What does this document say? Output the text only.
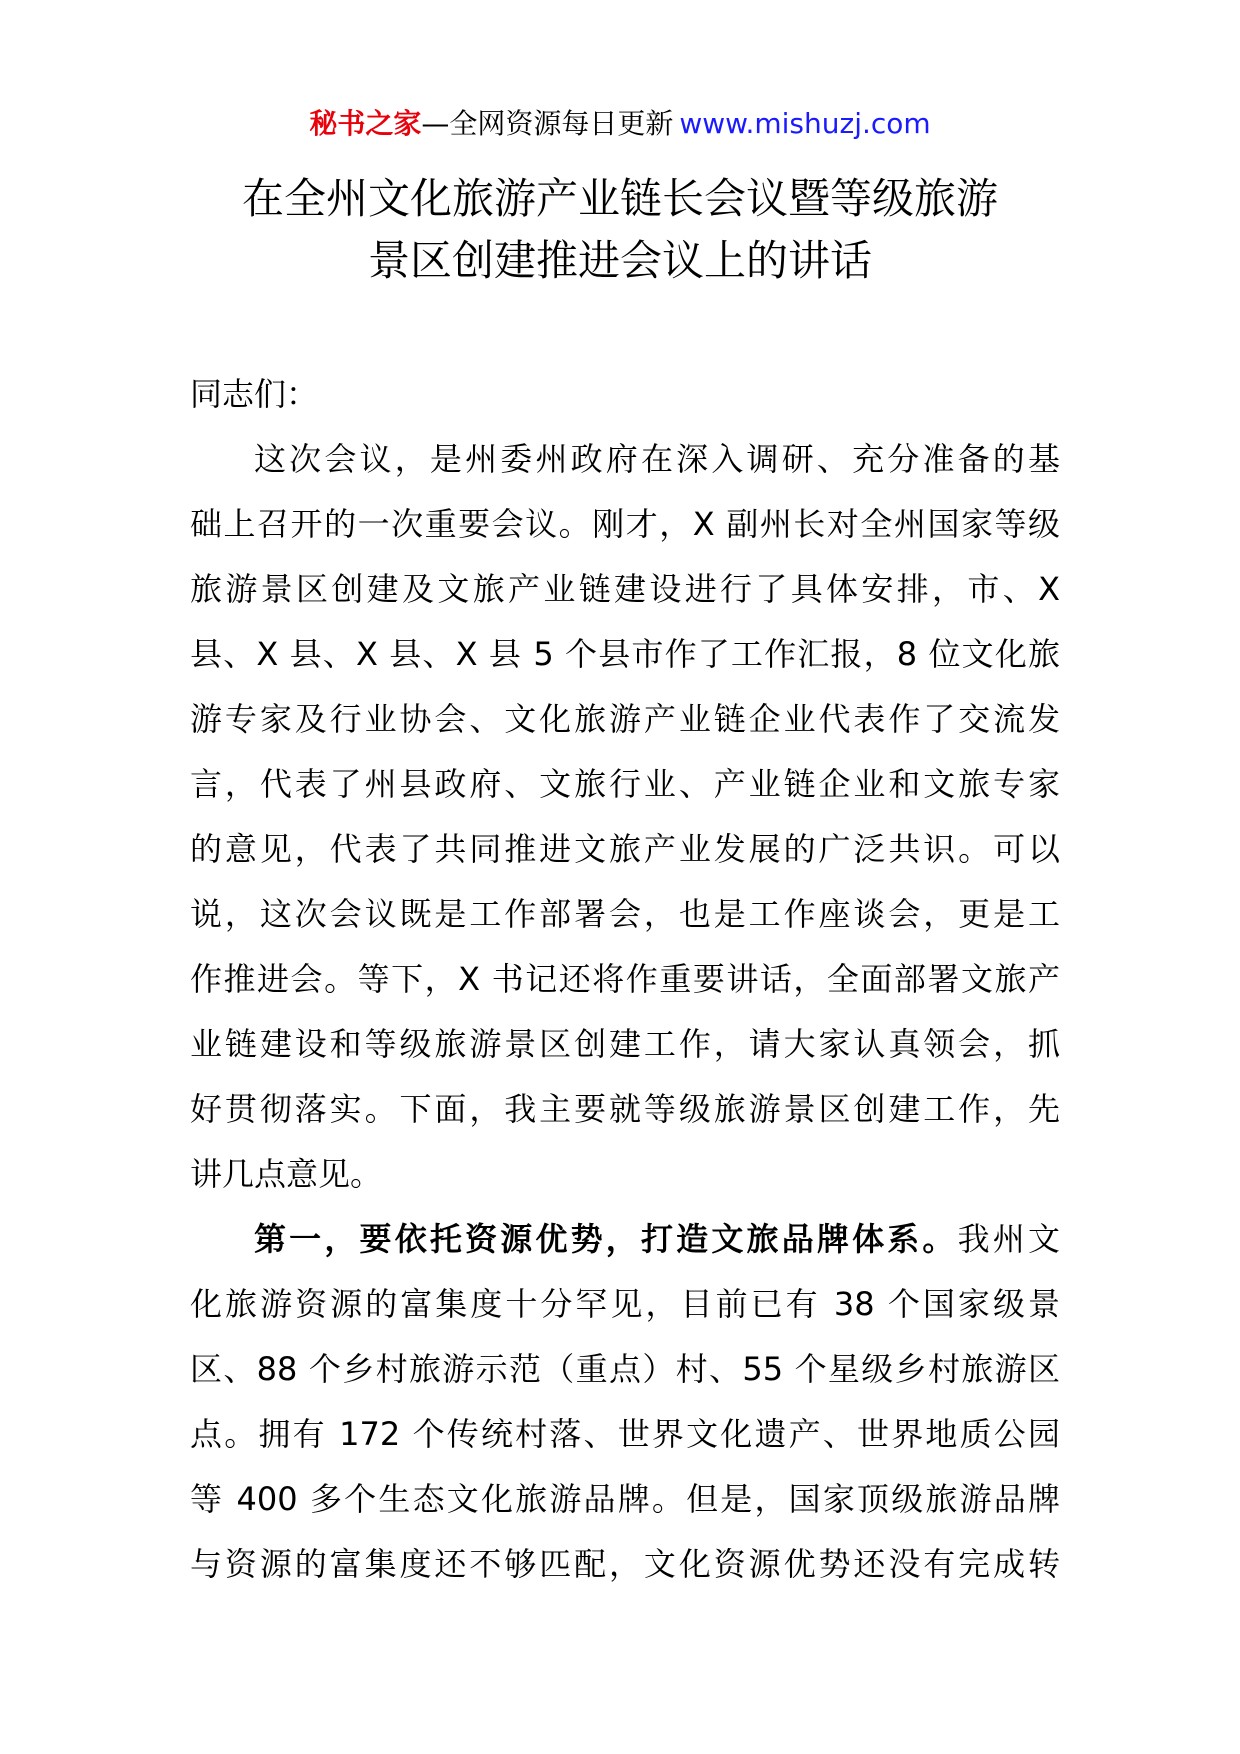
秘书之家—全网资源每日更新 www.mishuzj.com
在全州文化旅游产业链长会议暨等级旅游
景区创建推进会议上的讲话
同志们：
这次会议，是州委州政府在深入调研、充分准备的基
础上召开的一次重要会议。刚才，X 副州长对全州国家等级
旅游景区创建及文旅产业链建设进行了具体安排，市、X
县、X 县、X 县、X 县 5 个县市作了工作汇报，8 位文化旅
游专家及行业协会、文化旅游产业链企业代表作了交流发
言，代表了州县政府、文旅行业、产业链企业和文旅专家
的意见，代表了共同推进文旅产业发展的广泛共识。可以
说，这次会议既是工作部署会，也是工作座谈会，更是工
作推进会。等下，X 书记还将作重要讲话，全面部署文旅产
业链建设和等级旅游景区创建工作，请大家认真领会，抓
好贯彻落实。下面，我主要就等级旅游景区创建工作，先
讲几点意见。
第一，要依托资源优势，打造文旅品牌体系。我州文
化旅游资源的富集度十分罕见，目前已有 38 个国家级景
区、88 个乡村旅游示范（重点）村、55 个星级乡村旅游区
点。拥有 172 个传统村落、世界文化遗产、世界地质公园
等 400 多个生态文化旅游品牌。但是，国家顶级旅游品牌
与资源的富集度还不够匹配，文化资源优势还没有完成转
